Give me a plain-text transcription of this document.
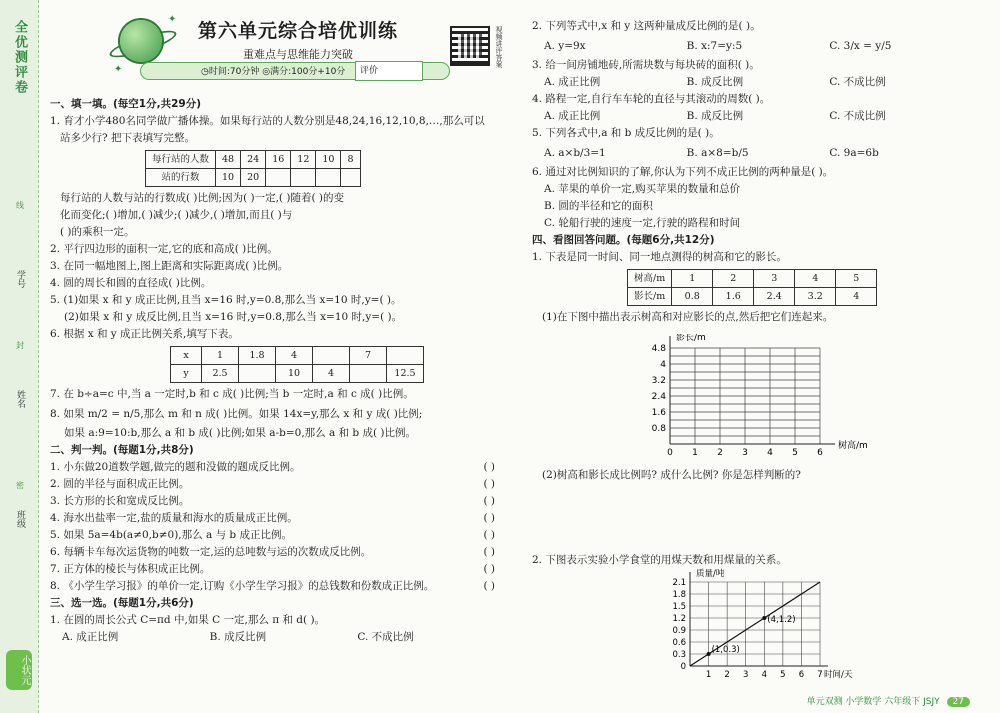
全优测评卷
学号
姓名
班级
线
封
密
小状元
✦
✦
第六单元综合培优训练
重难点与思维能力突破
◷时间:70分钟 ◎满分:100分+10分	评价
视频讲评答案
一、填一填。(每空1分,共29分)
1. 育才小学480名同学做广播体操。如果每行站的人数分别是48,24,16,12,10,8,…,那么可以
站多少行? 把下表填写完整。
每行站的人数	48	24	16	12	10	8
站的行数	10	20				
每行站的人数与站的行数成( )比例;因为( )一定,( )随着( )的变
化而变化;( )增加,( )减少;( )减少,( )增加,而且( )与
( )的乘积一定。
2. 平行四边形的面积一定,它的底和高成( )比例。
3. 在同一幅地图上,图上距离和实际距离成( )比例。
4. 圆的周长和圆的直径成( )比例。
5. (1)如果 x 和 y 成正比例,且当 x=16 时,y=0.8,那么当 x=10 时,y=( )。
(2)如果 x 和 y 成反比例,且当 x=16 时,y=0.8,那么当 x=10 时,y=( )。
6. 根据 x 和 y 成正比例关系,填写下表。
x	1	1.8	4		7	
y	2.5		10	4		12.5
7. 在 b÷a=c 中,当 a 一定时,b 和 c 成( )比例;当 b 一定时,a 和 c 成( )比例。
8. 如果 m/2 = n/5,那么 m 和 n 成( )比例。如果 14x=y,那么 x 和 y 成( )比例;
如果 a:9=10:b,那么 a 和 b 成( )比例;如果 a-b=0,那么 a 和 b 成( )比例。
二、判一判。(每题1分,共8分)
1. 小东做20道数学题,做完的题和没做的题成反比例。	( )
2. 圆的半径与面积成正比例。	( )
3. 长方形的长和宽成反比例。	( )
4. 海水出盐率一定,盐的质量和海水的质量成正比例。	( )
5. 如果 5a=4b(a≠0,b≠0),那么 a 与 b 成正比例。	( )
6. 每辆卡车每次运货物的吨数一定,运的总吨数与运的次数成反比例。	( )
7. 正方体的棱长与体积成正比例。	( )
8. 《小学生学习报》的单价一定,订购《小学生学习报》的总钱数和份数成正比例。	( )
三、选一选。(每题1分,共6分)
1. 在圆的周长公式 C=πd 中,如果 C 一定,那么 π 和 d( )。
A. 成正比例	B. 成反比例	C. 不成比例
2. 下列等式中,x 和 y 这两种量成反比例的是( )。
A. y=9x	B. x:7=y:5	C. 3/x = y/5
3. 给一间房铺地砖,所需块数与每块砖的面积( )。
A. 成正比例	B. 成反比例	C. 不成比例
4. 路程一定,自行车车轮的直径与其滚动的周数( )。
A. 成正比例	B. 成反比例	C. 不成比例
5. 下列各式中,a 和 b 成反比例的是( )。
A. a×b/3=1	B. a×8=b/5	C. 9a=6b
6. 通过对比例知识的了解,你认为下列不成正比例的两种量是( )。
A. 苹果的单价一定,购买苹果的数量和总价
B. 圆的半径和它的面积
C. 轮船行驶的速度一定,行驶的路程和时间
四、看图回答问题。(每题6分,共12分)
1. 下表是同一时间、同一地点测得的树高和它的影长。
树高/m	1	2	3	4	5
影长/m	0.8	1.6	2.4	3.2	4
(1)在下图中描出表示树高和对应影长的点,然后把它们连起来。
0 1 2 3 4 5 6
0.8
1.6
2.4
3.2
4
4.8
树高/m
影长/m
(2)树高和影长成比例吗? 成什么比例? 你是怎样判断的?
2. 下图表示实验小学食堂的用煤天数和用煤量的关系。
1 2 3 4 5 6 7
0
0.3
0.6
0.9
1.2
1.5
1.8
2.1
时间/天
质量/吨
(1,0.3)
(4,1.2)
单元双测 小学数学 六年级下 JSJY 27
